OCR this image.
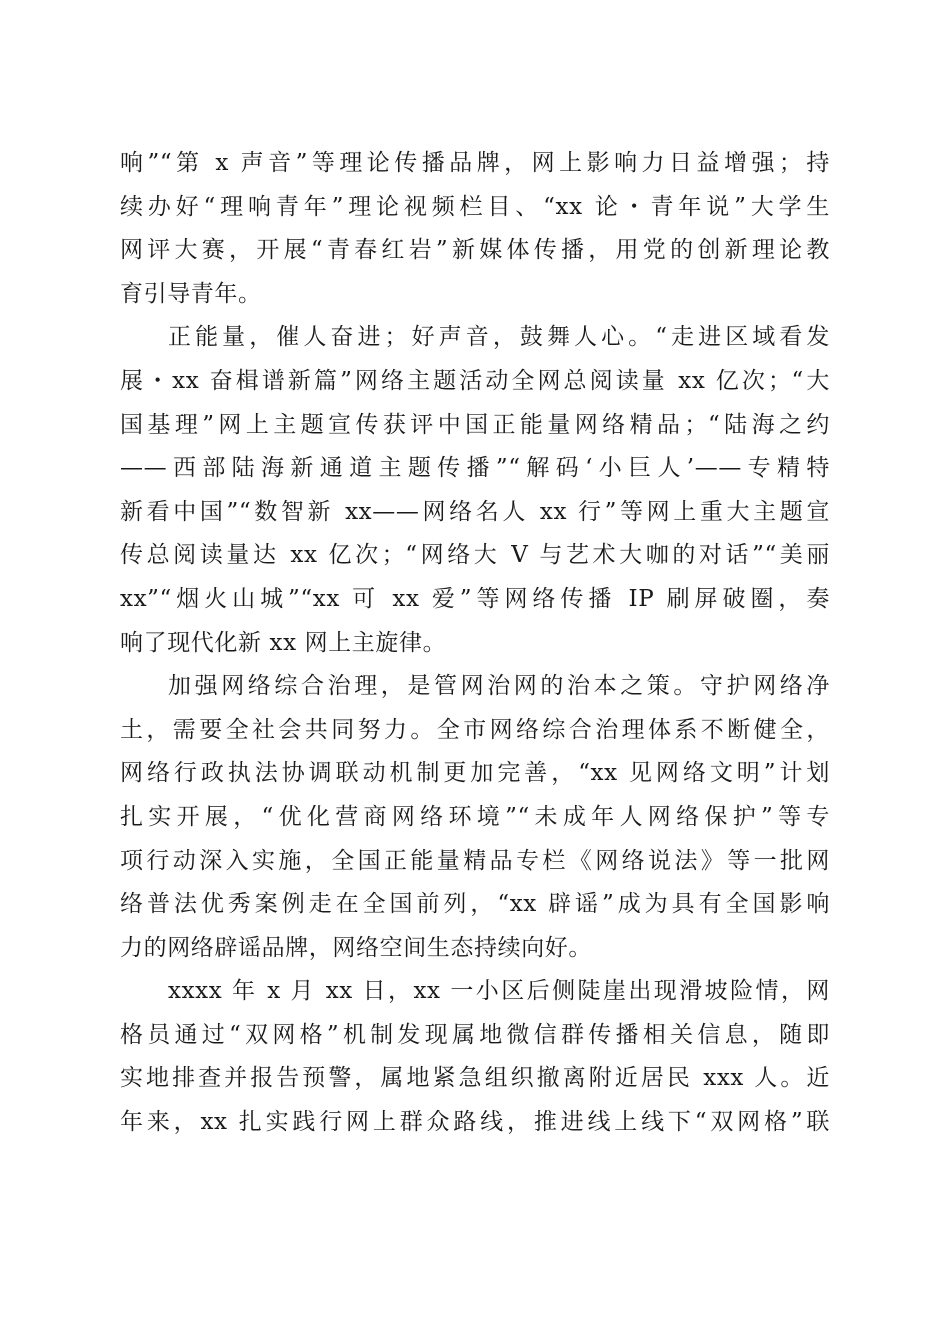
响”“第 x 声音”等理论传播品牌，网上影响力日益增强；持
续办好“理响青年”理论视频栏目、“xx 论・青年说”大学生
网评大赛，开展“青春红岩”新媒体传播，用党的创新理论教
育引导青年。
正能量，催人奋进；好声音，鼓舞人心。“走进区域看发
展・xx 奋楫谱新篇”网络主题活动全网总阅读量 xx 亿次；“大
国基理”网上主题宣传获评中国正能量网络精品；“陆海之约
——西部陆海新通道主题传播”“解码‘小巨人’——专精特
新看中国”“数智新 xx——网络名人 xx 行”等网上重大主题宣
传总阅读量达 xx 亿次；“网络大 V 与艺术大咖的对话”“美丽
xx”“烟火山城”“xx 可 xx 爱”等网络传播 IP 刷屏破圈，奏
响了现代化新 xx 网上主旋律。
加强网络综合治理，是管网治网的治本之策。守护网络净
土，需要全社会共同努力。全市网络综合治理体系不断健全，
网络行政执法协调联动机制更加完善，“xx 见网络文明”计划
扎实开展，“优化营商网络环境”“未成年人网络保护”等专
项行动深入实施，全国正能量精品专栏《网络说法》等一批网
络普法优秀案例走在全国前列，“xx 辟谣”成为具有全国影响
力的网络辟谣品牌，网络空间生态持续向好。
xxxx 年 x 月 xx 日，xx 一小区后侧陡崖出现滑坡险情，网
格员通过“双网格”机制发现属地微信群传播相关信息，随即
实地排查并报告预警，属地紧急组织撤离附近居民 xxx 人。近
年来，xx 扎实践行网上群众路线，推进线上线下“双网格”联
